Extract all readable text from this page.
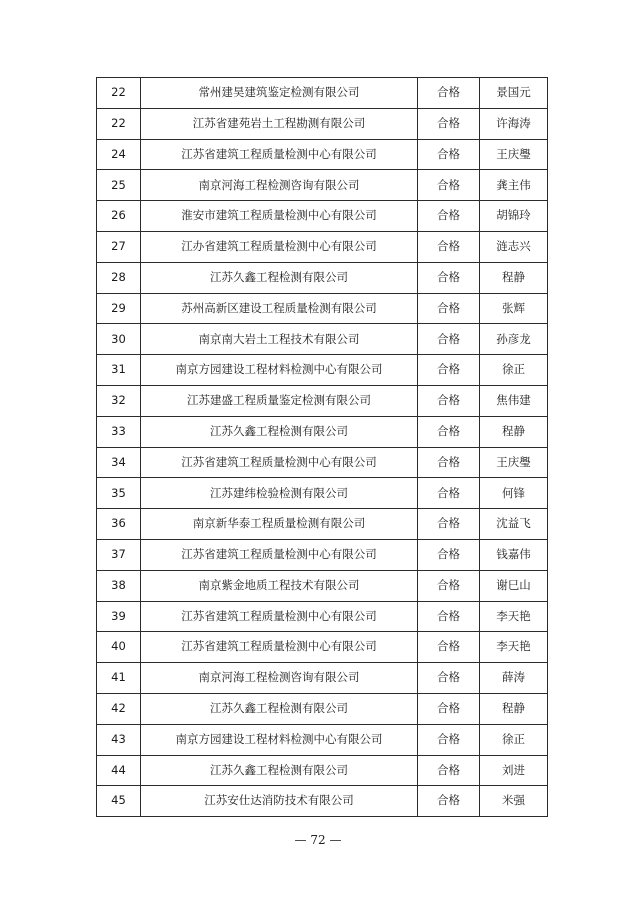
22	常州建昊建筑鉴定检测有限公司	合格	景国元
22	江苏省建苑岩土工程勘测有限公司	合格	许海涛
24	江苏省建筑工程质量检测中心有限公司	合格	王庆璺
25	南京河海工程检测咨询有限公司	合格	龚主伟
26	淮安市建筑工程质量检测中心有限公司	合格	胡锦玲
27	江办省建筑工程质量检测中心有限公司	合格	涟志兴
28	江苏久鑫工程检测有限公司	合格	程静
29	苏州高新区建设工程质量检测有限公司	合格	张辉
30	南京南大岩土工程技术有限公司	合格	孙彦龙
31	南京方园建设工程材料检测中心有限公司	合格	徐正
32	江苏建盛工程质量鉴定检测有限公司	合格	焦伟建
33	江苏久鑫工程检测有限公司	合格	程静
34	江苏省建筑工程质量检测中心有限公司	合格	王庆璺
35	江苏建纬检验检测有限公司	合格	何锋
36	南京新华泰工程质量检测有限公司	合格	沈益飞
37	江苏省建筑工程质量检测中心有限公司	合格	钱嘉伟
38	南京紫金地质工程技术有限公司	合格	谢巳山
39	江苏省建筑工程质量检测中心有限公司	合格	李天艳
40	江苏省建筑工程质量检测中心有限公司	合格	李天艳
41	南京河海工程检测咨询有限公司	合格	薛涛
42	江苏久鑫工程检测有限公司	合格	程静
43	南京方园建设工程材料检测中心有限公司	合格	徐正
44	江苏久鑫工程检测有限公司	合格	刘进
45	江苏安仕达消防技术有限公司	合格	米强
— 72 —
